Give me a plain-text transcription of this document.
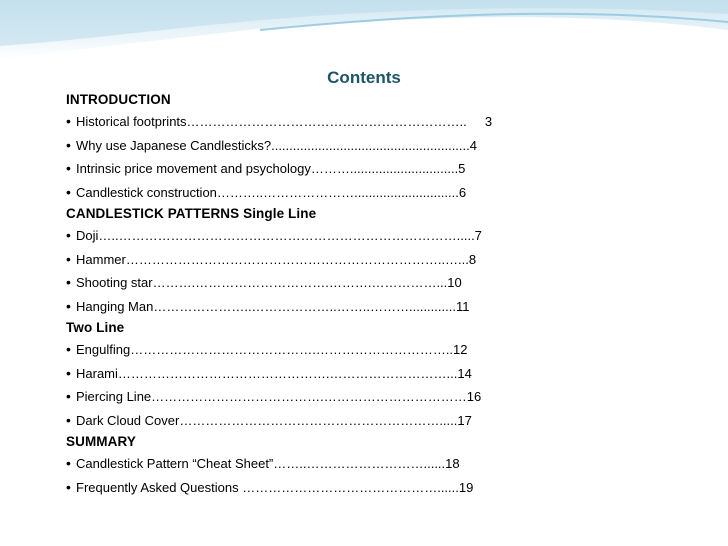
Contents
INTRODUCTION
• Historical footprints………………………………………………………..     3
• Why use Japanese Candlesticks?.......................................................4
• Intrinsic price movement and psychology………..............................5
• Candlestick construction………..………………….............................6
CANDLESTICK PATTERNS Single Line
• Doji…..…………………………………………………………………….....7
• Hammer………………………………………………………………..…...8
• Shooting star……….………………………….……….……………...10
• Hanging Man…………………..………………..……..……….............11
Two Line
• Engulfing…………………………………….…………………………..12
• Harami………………………………………….………………………...14
• Piercing Line………………………………….……………………………16
• Dark Cloud Cover…………………………………………………….....17
SUMMARY
• Candlestick Pattern “Cheat Sheet”……..………………………......18
• Frequently Asked Questions ………………………………………......19
